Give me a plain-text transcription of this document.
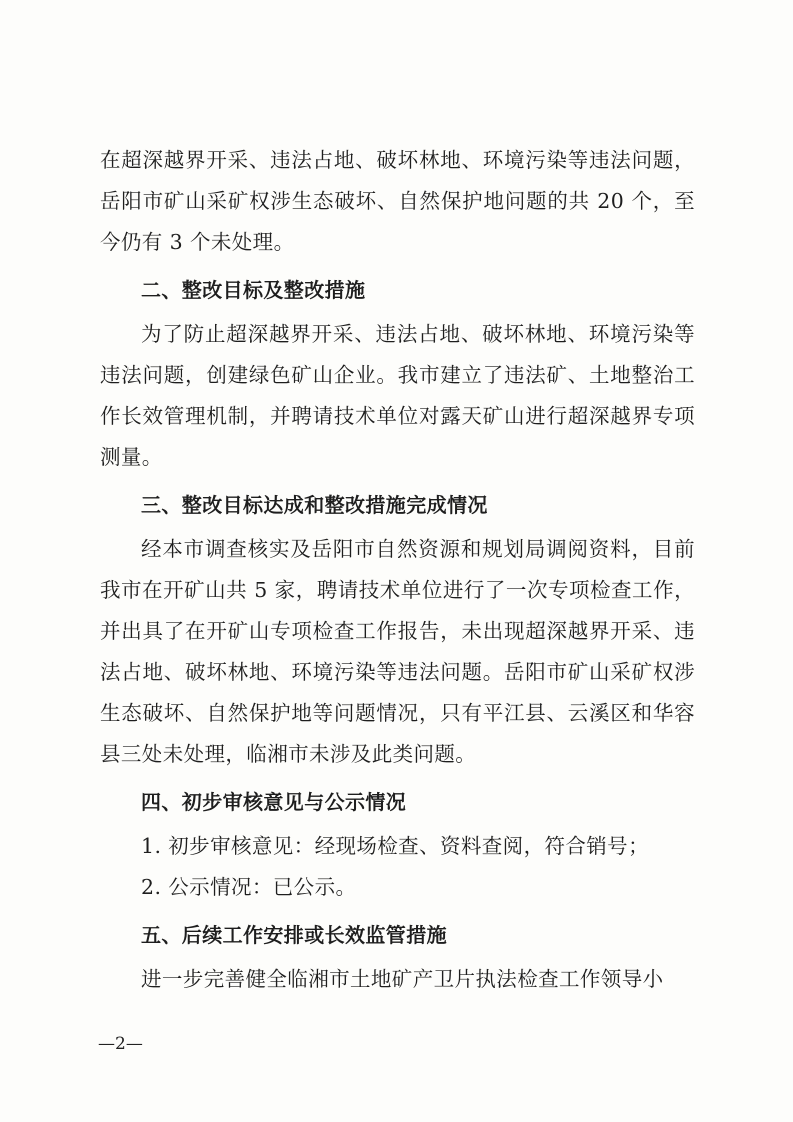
在超深越界开采、违法占地、破坏林地、环境污染等违法问题，岳阳市矿山采矿权涉生态破坏、自然保护地问题的共 20 个，至今仍有 3 个未处理。

二、整改目标及整改措施

为了防止超深越界开采、违法占地、破坏林地、环境污染等违法问题，创建绿色矿山企业。我市建立了违法矿、土地整治工作长效管理机制，并聘请技术单位对露天矿山进行超深越界专项测量。

三、整改目标达成和整改措施完成情况

经本市调查核实及岳阳市自然资源和规划局调阅资料，目前我市在开矿山共 5 家，聘请技术单位进行了一次专项检查工作，并出具了在开矿山专项检查工作报告，未出现超深越界开采、违法占地、破坏林地、环境污染等违法问题。岳阳市矿山采矿权涉生态破坏、自然保护地等问题情况，只有平江县、云溪区和华容县三处未处理，临湘市未涉及此类问题。

四、初步审核意见与公示情况

1. 初步审核意见：经现场检查、资料查阅，符合销号；

2. 公示情况：已公示。

五、后续工作安排或长效监管措施

进一步完善健全临湘市土地矿产卫片执法检查工作领导小

—2—
